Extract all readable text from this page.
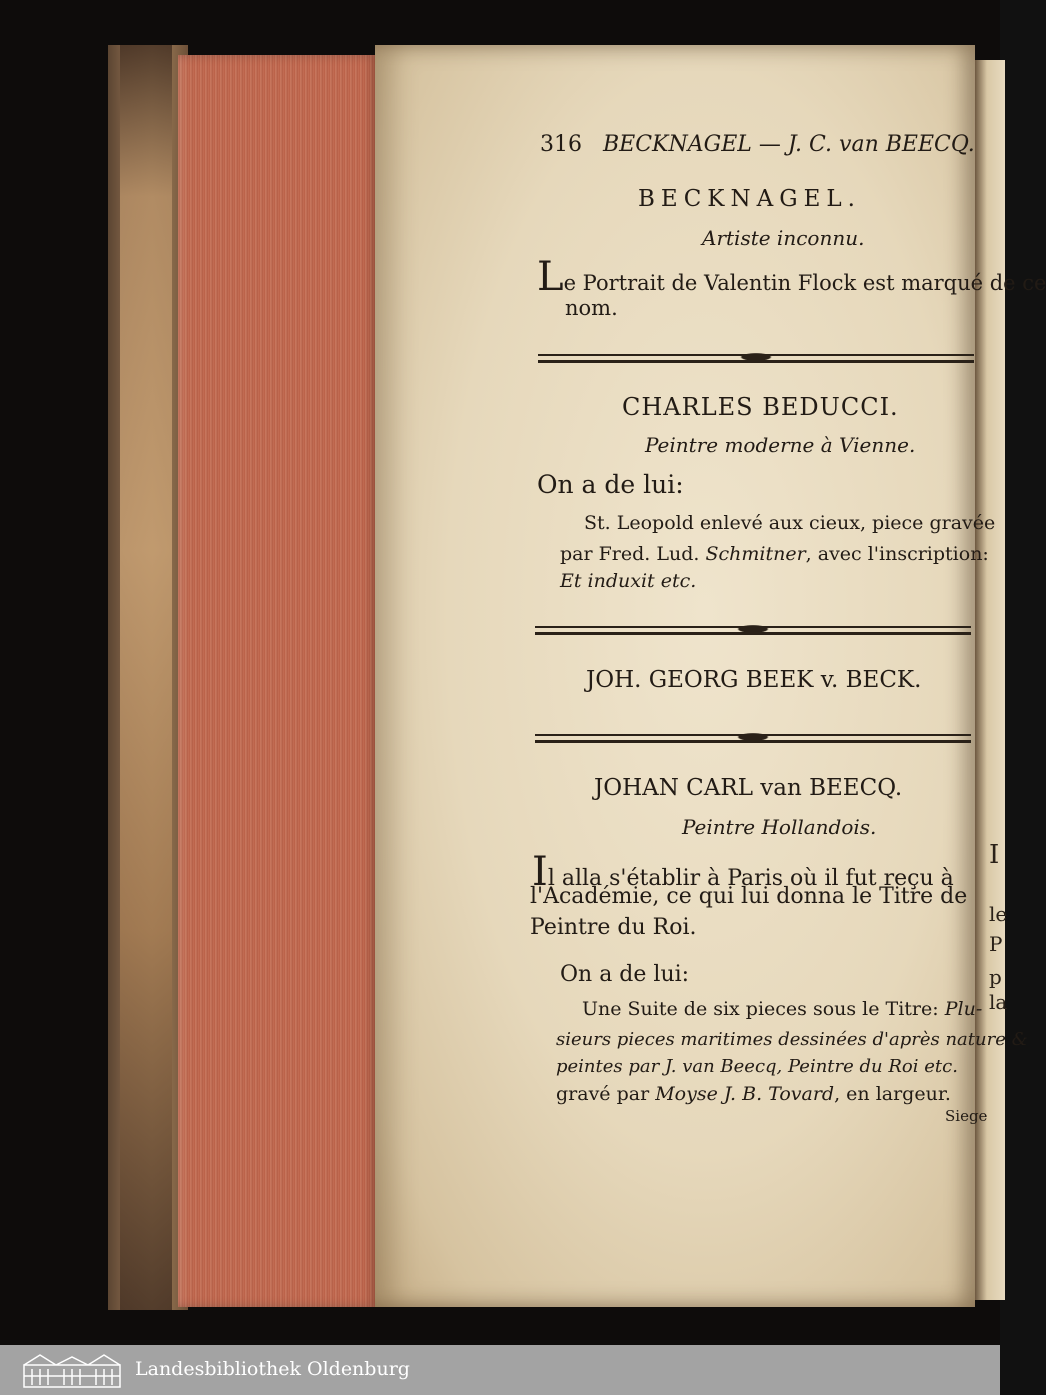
316 BECKNAGEL — J. C. van BEECQ.
BECKNAGEL.
Artiste inconnu.
Le Portrait de Valentin Flock est marqué de ce
nom.
CHARLES BEDUCCI.
Peintre moderne à Vienne.
On a de lui:
St. Leopold enlevé aux cieux, piece gravée
par Fred. Lud. Schmitner, avec l'inscription:
Et induxit etc.
JOH. GEORG BEEK v. BECK.
JOHAN CARL van BEECQ.
Peintre Hollandois.
Il alla s'établir à Paris où il fut reçu à
l'Académie, ce qui lui donna le Titre de
Peintre du Roi.
On a de lui:
Une Suite de six pieces sous le Titre: Plu-
sieurs pieces maritimes dessinées d'après nature &
peintes par J. van Beecq, Peintre du Roi etc.
gravé par Moyse J. B. Tovard, en largeur.
Siege
I
le
P
p
la
Landesbibliothek Oldenburg
